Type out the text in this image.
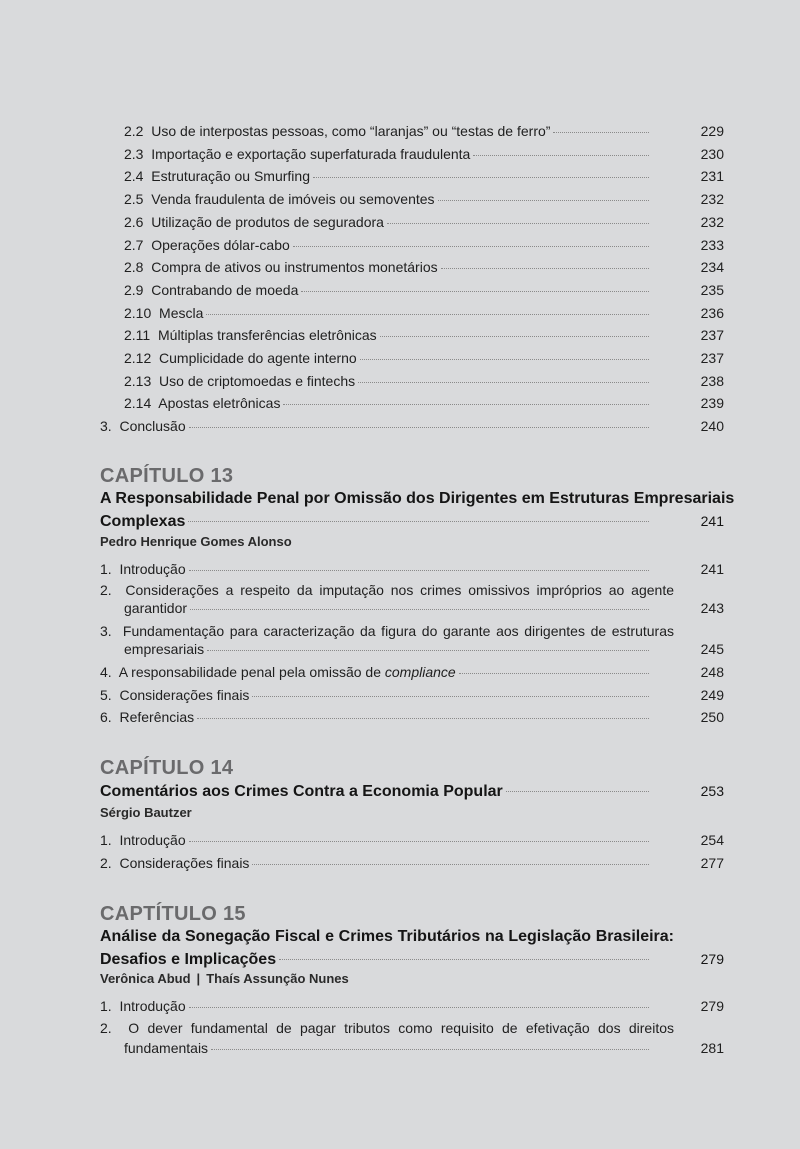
2.2 Uso de interpostas pessoas, como “laranjas” ou “testas de ferro”	229
2.3 Importação e exportação superfaturada fraudulenta	230
2.4 Estruturação ou Smurfing	231
2.5 Venda fraudulenta de imóveis ou semoventes	232
2.6 Utilização de produtos de seguradora	232
2.7 Operações dólar-cabo	233
2.8 Compra de ativos ou instrumentos monetários	234
2.9 Contrabando de moeda	235
2.10 Mescla	236
2.11 Múltiplas transferências eletrônicas	237
2.12 Cumplicidade do agente interno	237
2.13 Uso de criptomoedas e fintechs	238
2.14 Apostas eletrônicas	239
3. Conclusão	240
CAPÍTULO 13
A Responsabilidade Penal por Omissão dos Dirigentes em Estruturas Empresariais
Complexas	241
Pedro Henrique Gomes Alonso
1. Introdução	241
2. Considerações a respeito da imputação nos crimes omissivos impróprios ao agente
garantidor	243
3. Fundamentação para caracterização da figura do garante aos dirigentes de estruturas
empresariais	245
4. A responsabilidade penal pela omissão de compliance	248
5. Considerações finais	249
6. Referências	250
CAPÍTULO 14
Comentários aos Crimes Contra a Economia Popular	253
Sérgio Bautzer
1. Introdução	254
2. Considerações finais	277
CAPTÍTULO 15
Análise da Sonegação Fiscal e Crimes Tributários na Legislação Brasileira:
Desafios e Implicações	279
Verônica Abud | Thaís Assunção Nunes
1. Introdução	279
2. O dever fundamental de pagar tributos como requisito de efetivação dos direitos
fundamentais	281
